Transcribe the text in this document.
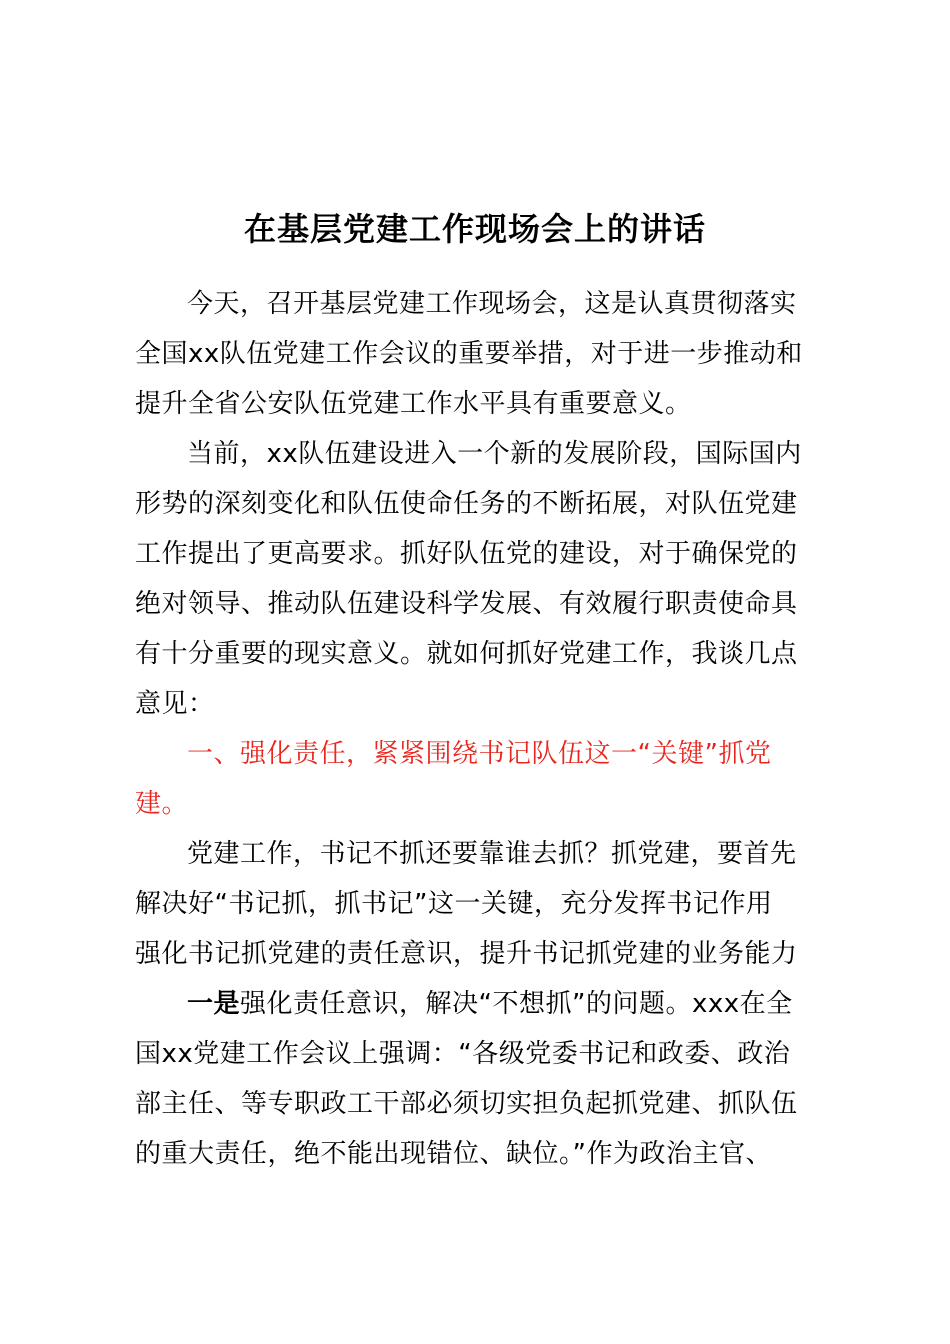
在基层党建工作现场会上的讲话
今天，召开基层党建工作现场会，这是认真贯彻落实
全国xx队伍党建工作会议的重要举措，对于进一步推动和
提升全省公安队伍党建工作水平具有重要意义。
当前，xx队伍建设进入一个新的发展阶段，国际国内
形势的深刻变化和队伍使命任务的不断拓展，对队伍党建
工作提出了更高要求。抓好队伍党的建设，对于确保党的
绝对领导、推动队伍建设科学发展、有效履行职责使命具
有十分重要的现实意义。就如何抓好党建工作，我谈几点
意见：
一、强化责任，紧紧围绕书记队伍这一“关键”抓党
建。
党建工作，书记不抓还要靠谁去抓？抓党建，要首先
解决好“书记抓，抓书记”这一关键，充分发挥书记作用
强化书记抓党建的责任意识，提升书记抓党建的业务能力
一是强化责任意识，解决“不想抓”的问题。xxx在全
国xx党建工作会议上强调：“各级党委书记和政委、政治
部主任、等专职政工干部必须切实担负起抓党建、抓队伍
的重大责任，绝不能出现错位、缺位。”作为政治主官、
